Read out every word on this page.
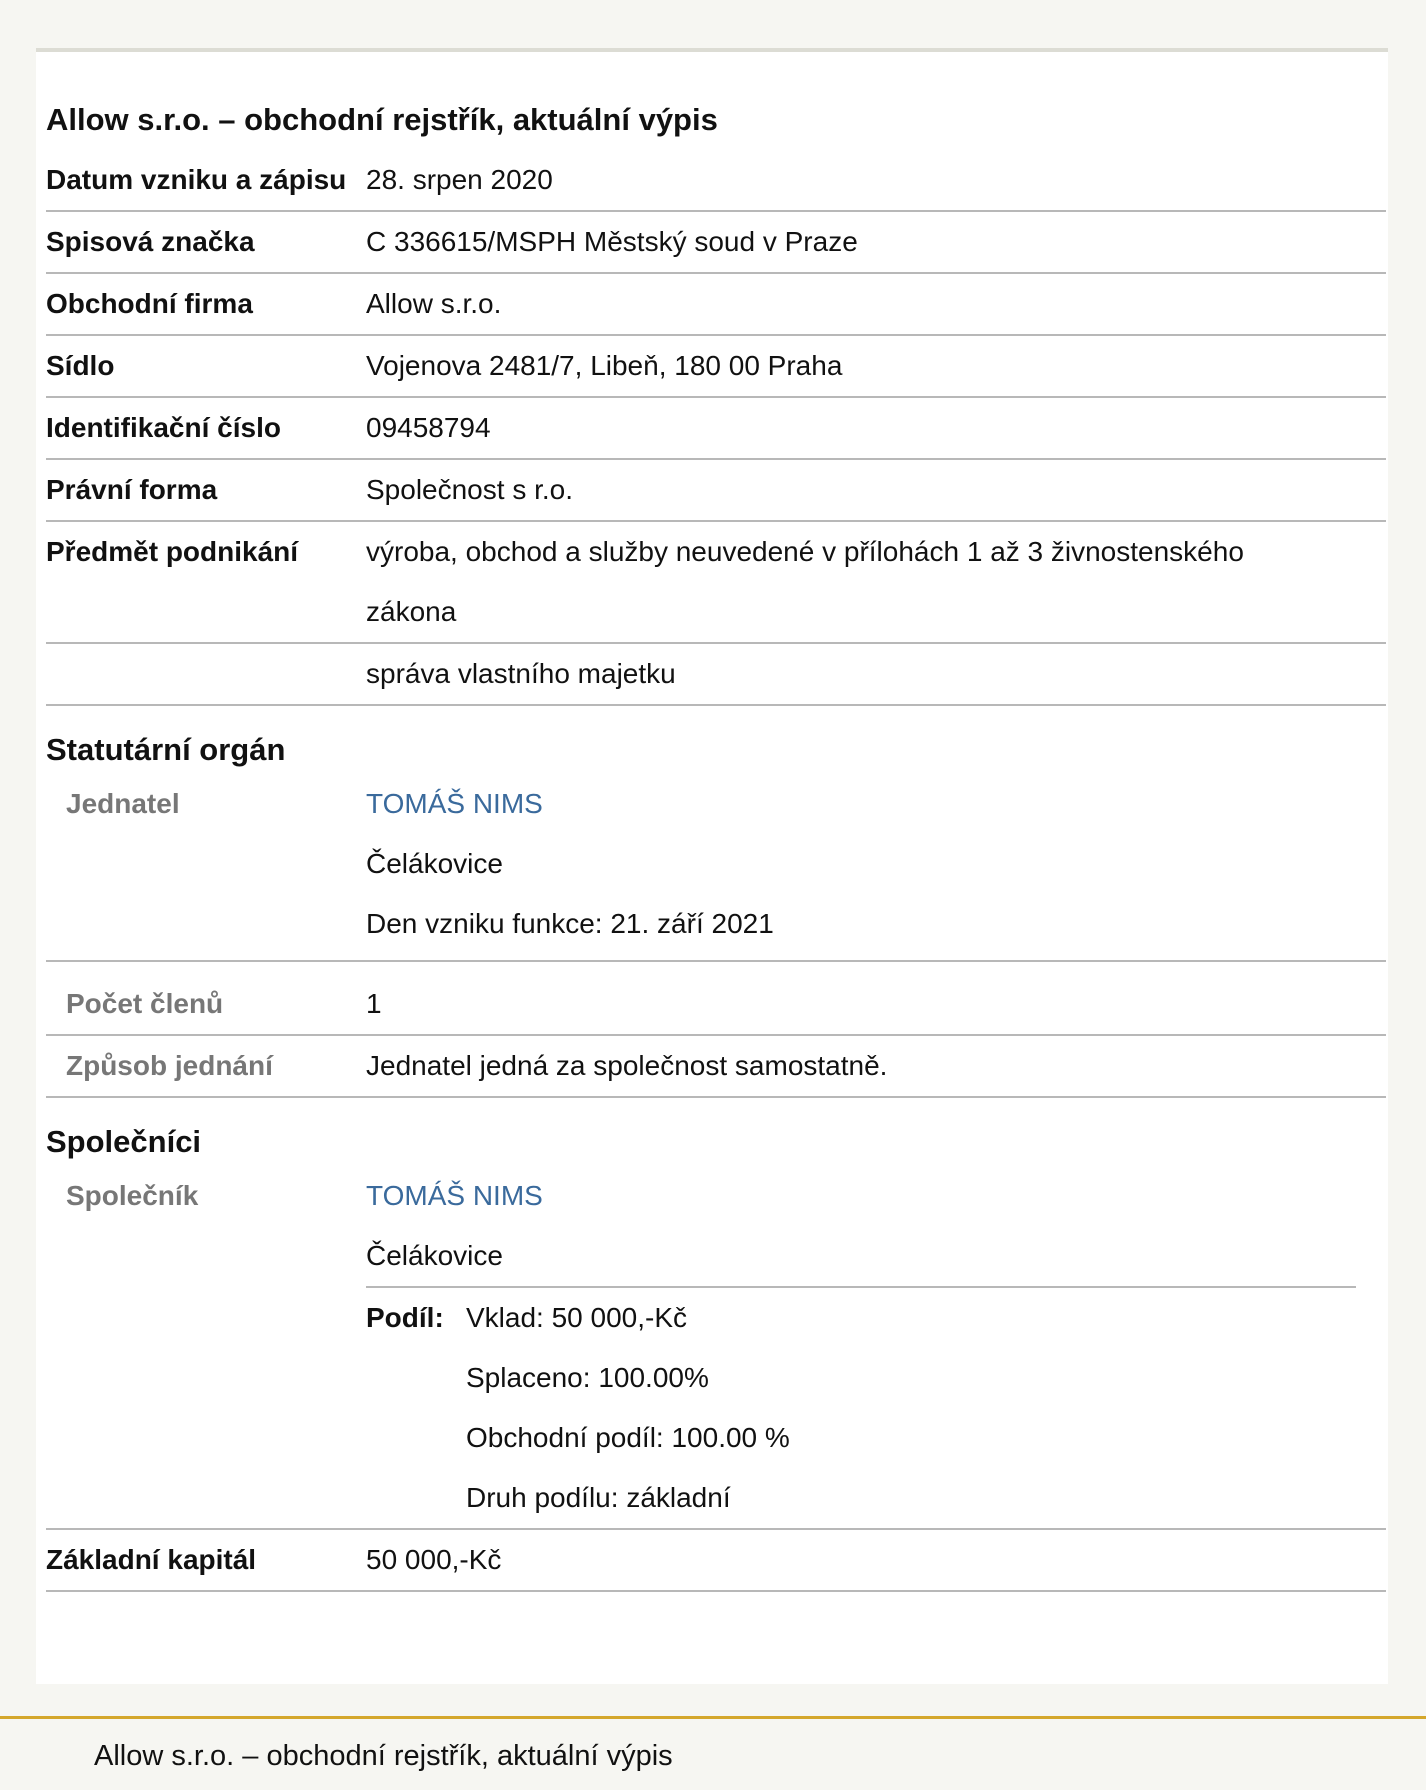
Allow s.r.o. – obchodní rejstřík, aktuální výpis
Datum vzniku a zápisu 28. srpen 2020
Spisová značka	C 336615/MSPH Městský soud v Praze
Obchodní firma	Allow s.r.o.
Sídlo	Vojenova 2481/7, Libeň, 180 00 Praha
Identifikační číslo	09458794
Právní forma	Společnost s r.o.
Předmět podnikání	výroba, obchod a služby neuvedené v přílohách 1 až 3 živnostenského zákona
správa vlastního majetku
Statutární orgán
Jednatel	TOMÁŠ NIMS
Čelákovice
Den vzniku funkce: 21. září 2021
Počet členů	1
Způsob jednání	Jednatel jedná za společnost samostatně.
Společníci
Společník	TOMÁŠ NIMS
Čelákovice
Podíl: Vklad: 50 000,-Kč
Splaceno: 100.00%
Obchodní podíl: 100.00 %
Druh podílu: základní
Základní kapitál	50 000,-Kč
Allow s.r.o. – obchodní rejstřík, aktuální výpis
